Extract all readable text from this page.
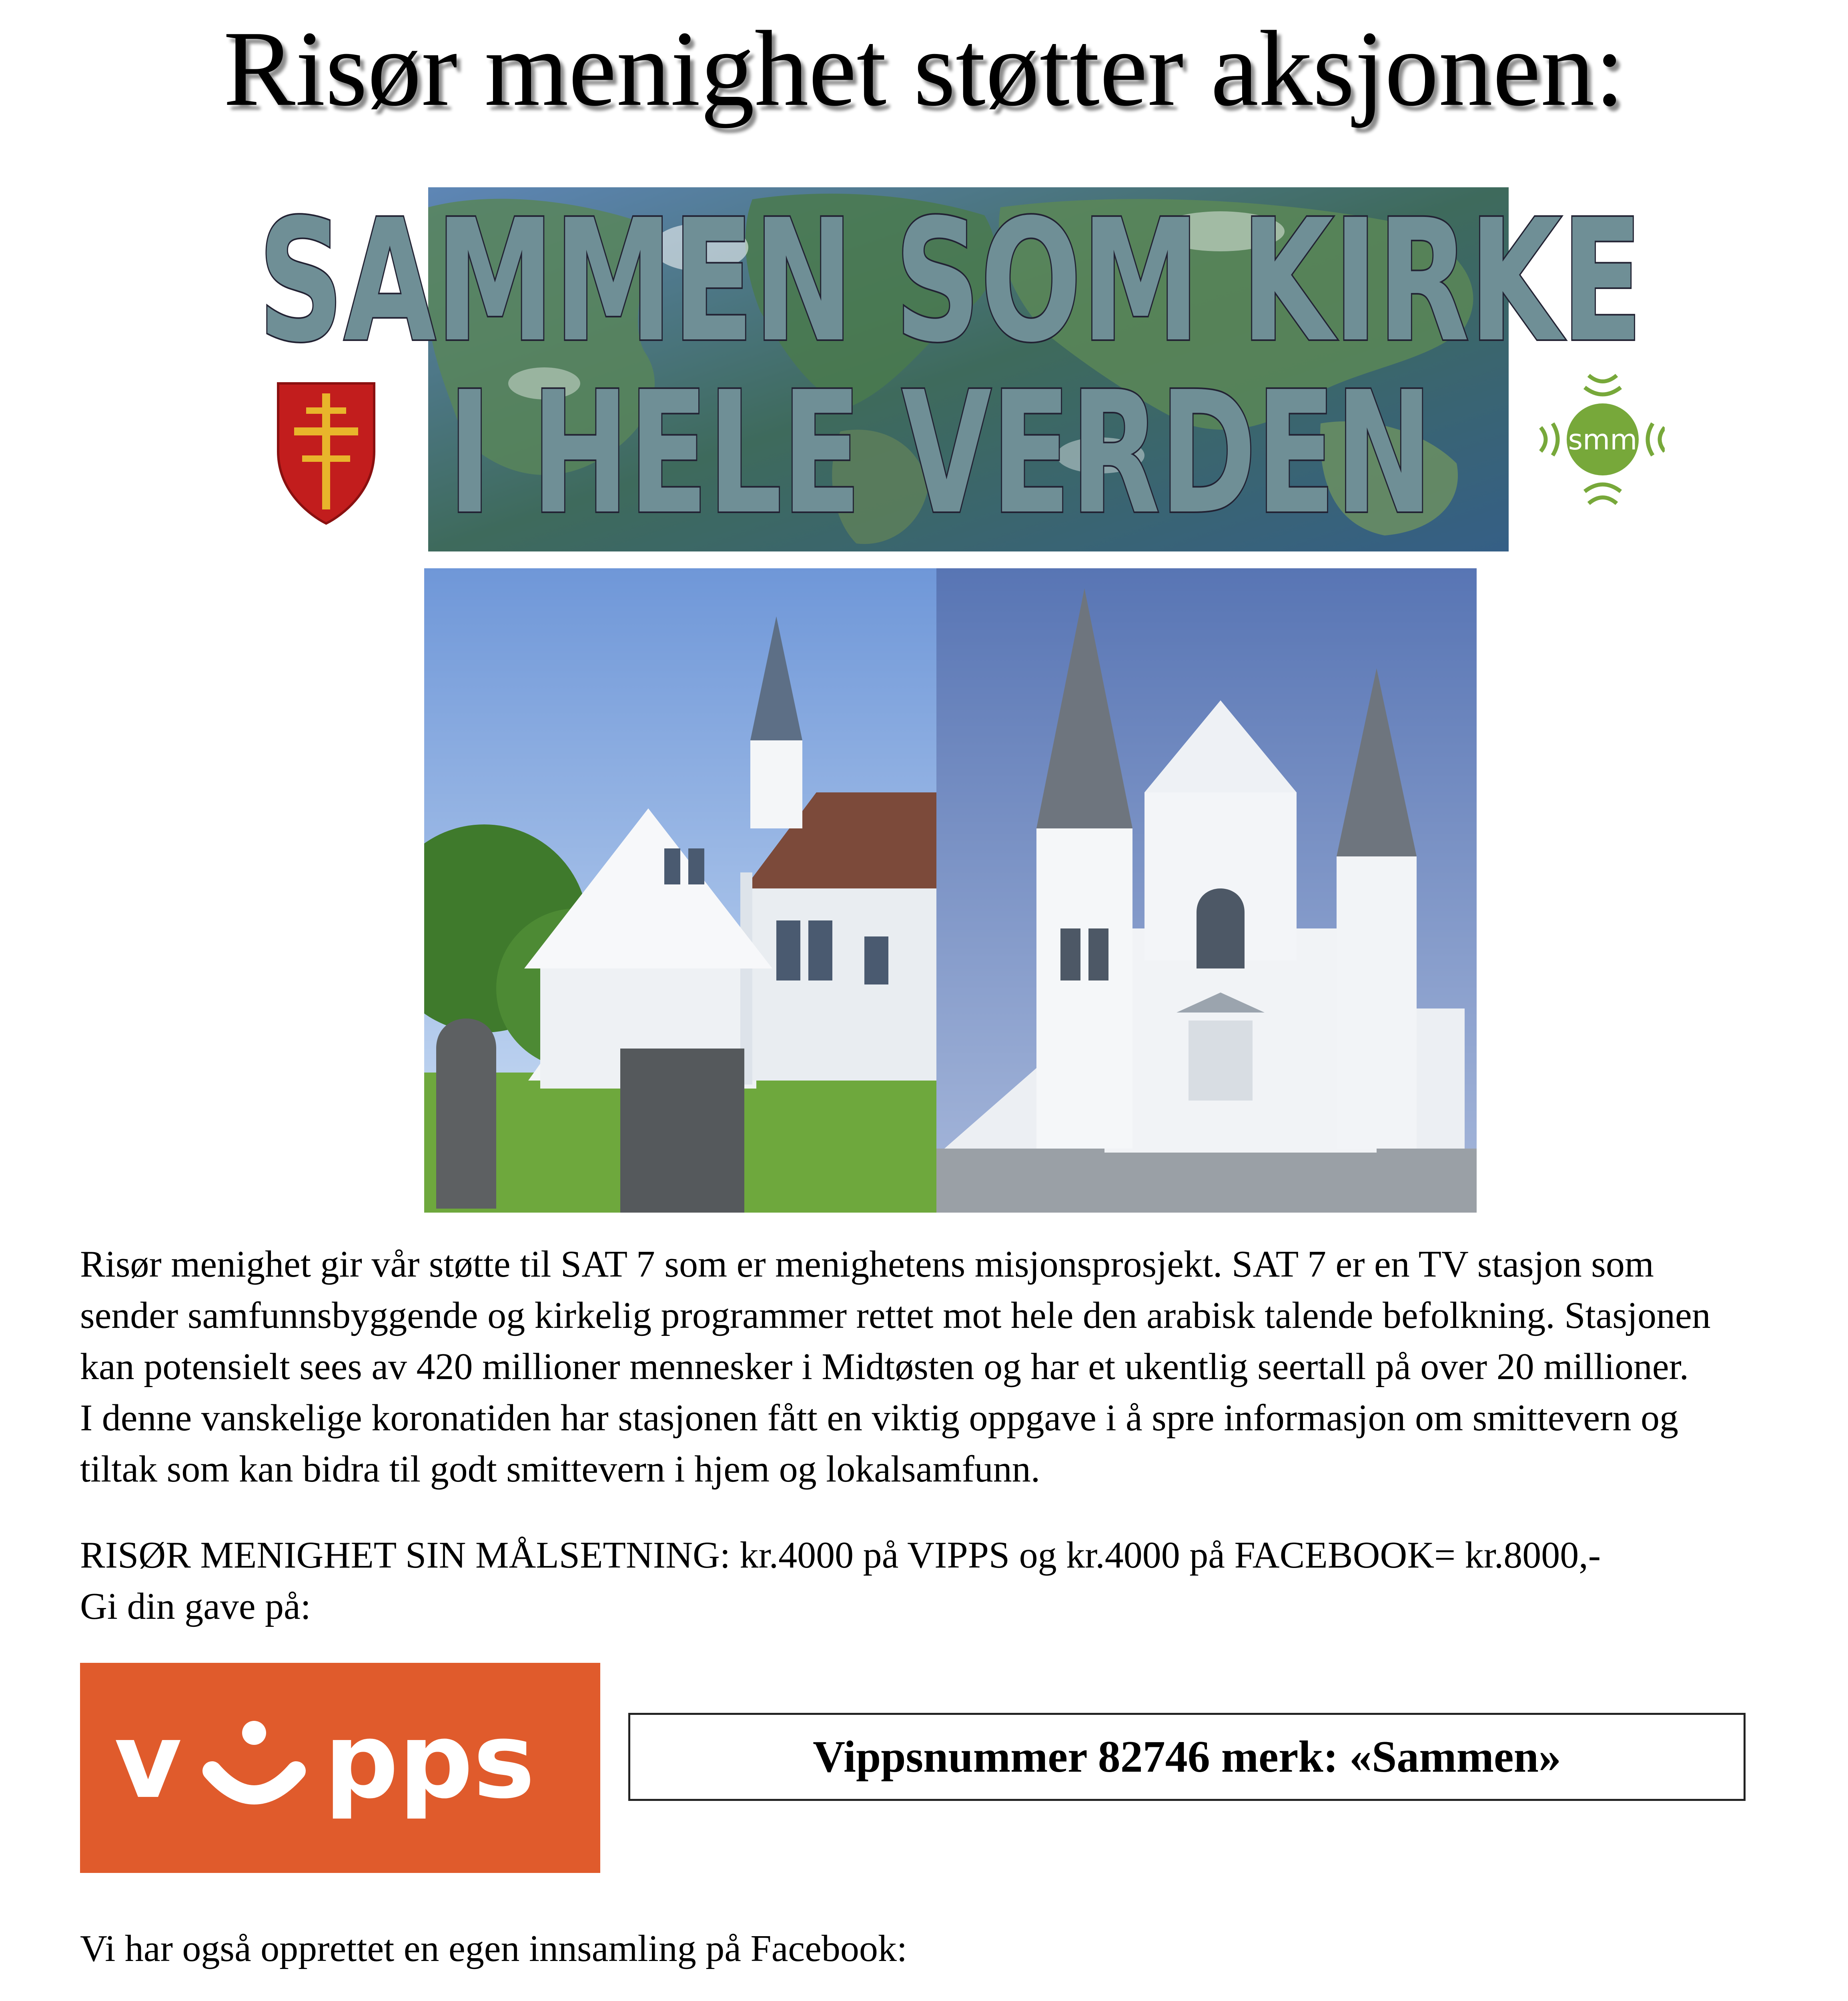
Risør menighet støtter aksjonen:
SAMMEN SOM KIRKE
I HELE VERDEN	smm

Risør menighet gir vår støtte til SAT 7 som er menighetens misjonsprosjekt. SAT 7 er en TV stasjon som

sender samfunnsbyggende og kirkelig programmer rettet mot hele den arabisk talende befolkning. Stasjonen

kan potensielt sees av 420 millioner mennesker i Midtøsten og har et ukentlig seertall på over 20 millioner.

I denne vanskelige koronatiden har stasjonen fått en viktig oppgave i å spre informasjon om smittevern og

tiltak som kan bidra til godt smittevern i hjem og lokalsamfunn.

RISØR MENIGHET SIN MÅLSETNING: kr.4000 på VIPPS og kr.4000 på FACEBOOK= kr.8000,-

Gi din gave på:

v pps	Vippsnummer 82746 merk: «Sammen»
Vi har også opprettet en egen innsamling på Facebook:
